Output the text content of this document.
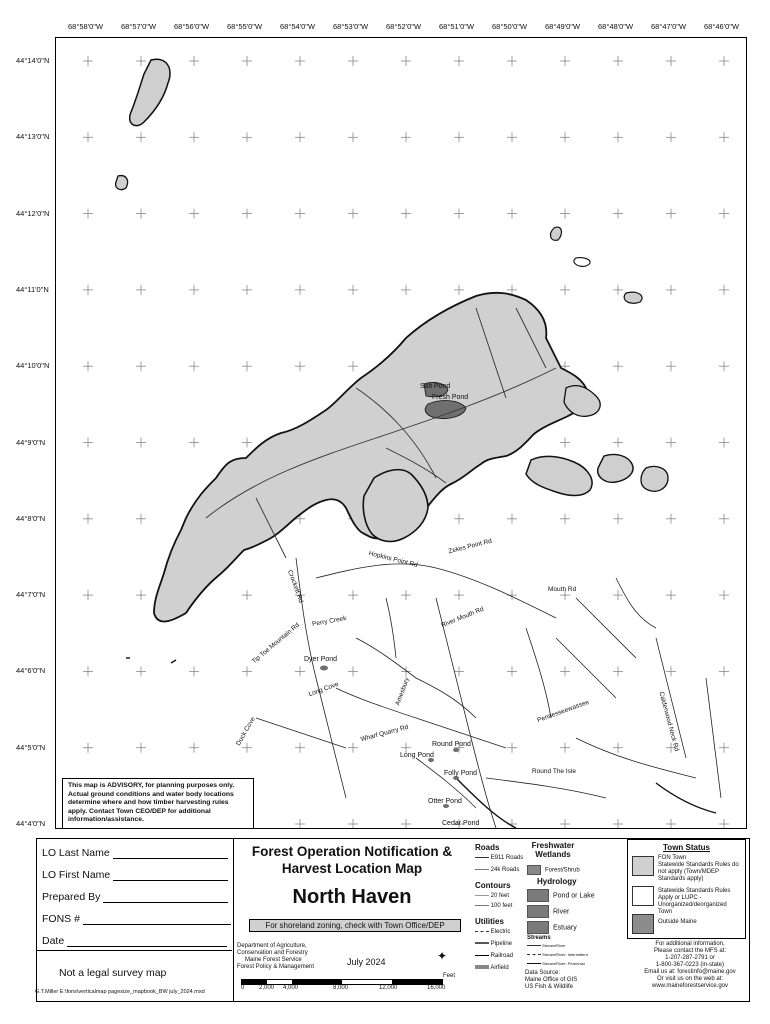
68°58'0"W 68°57'0"W 68°56'0"W 68°55'0"W 68°54'0"W 68°53'0"W 68°52'0"W 68°51'0"W 68°50'0"W 68°49'0"W 68°48'0"W 68°47'0"W 68°46'0"W
44°14'0"N
44°13'0"N
44°12'0"N
44°11'0"N
44°10'0"N
44°9'0"N
44°8'0"N
44°7'0"N
44°6'0"N
44°5'0"N
44°4'0"N
Salt Pond
Fresh Pond
Dyer Pond
Round Pond
Long Pond
Folly Pond
Otter Pond
Cedar Pond
Hopkins Point Rd
Zekes Point Rd
River Mouth Rd
Mouth Rd
Tip Toe Mountain Rd
Long Cove
Wharf Quarry Rd
Round The Isle
Crockett Rd
Perry Creek
Duck Cove
Amesbury	Calderwood Neck Rd
Pennesseewassee
This map is ADVISORY, for planning purposes only. Actual ground conditions and water body locations determine where and how timber harvesting rules apply. Contact Town CEO/DEP for additional information/assistance.
LO Last Name
LO First Name
Prepared By
FONS #
Date
Not a legal survey map
G.T.Miller E:\fons\verticalmap pagesize_mapbook_BW july_2024.mxd
Forest Operation Notification &
Harvest Location Map
North Haven
For shoreland zoning, check with Town Office/DEP
Department of Agriculture,
Conservation and Forestry
Maine Forest Service
Forest Policy & Management	July 2024	✦
Feet
0 2,000 4,000	8,000	12,000	16,000
Roads
E911 Roads
24k Roads
Contours
20 feet
100 feet
Utilities
Electric
Pipeline
Railroad
Airfield
Freshwater Wetlands
Forest/Shrub
Hydrology
Pond or Lake
River
Estuary
Streams
Stream/River
Stream/River: Intermittent
Stream/River: Perennial
Data Source:
Maine Office of GIS
US Fish & Wildlife
Town Status
FON Town
Statewide Standards Rules do not apply (Town/MDEP Standards apply)
Statewide Standards Rules Apply or LUPC - Unorganized/deorganized Town
Outside Maine
For additional information,
Please contact the MFS at:
1-207-287-2791 or
1-800-367-0223 (in-state)
Email us at: forestinfo@maine.gov
Or visit us on the web at:
www.maineforestservice.gov
